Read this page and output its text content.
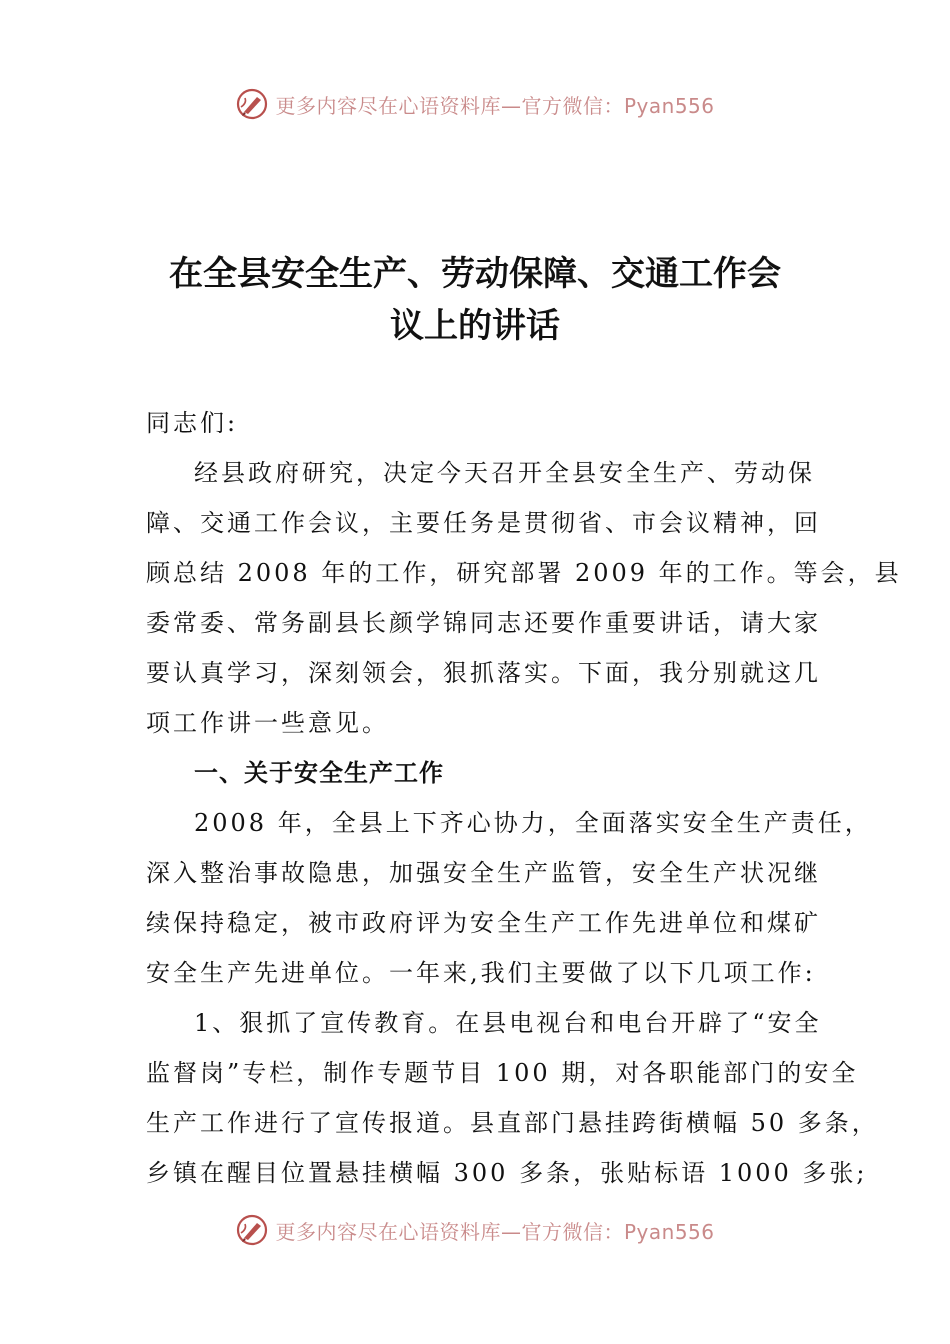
更多内容尽在心语资料库—官方微信：Pyan556
在全县安全生产、劳动保障、交通工作会
议上的讲话
同志们:
经县政府研究，决定今天召开全县安全生产、劳动保
障、交通工作会议，主要任务是贯彻省、市会议精神，回
顾总结 2008 年的工作，研究部署 2009 年的工作。等会，县
委常委、常务副县长颜学锦同志还要作重要讲话，请大家
要认真学习，深刻领会，狠抓落实。下面，我分别就这几
项工作讲一些意见。
一、关于安全生产工作
2008 年，全县上下齐心协力，全面落实安全生产责任，
深入整治事故隐患，加强安全生产监管，安全生产状况继
续保持稳定，被市政府评为安全生产工作先进单位和煤矿
安全生产先进单位。一年来,我们主要做了以下几项工作:
1、狠抓了宣传教育。在县电视台和电台开辟了“安全
监督岗”专栏，制作专题节目 100 期，对各职能部门的安全
生产工作进行了宣传报道。县直部门悬挂跨街横幅 50 多条，
乡镇在醒目位置悬挂横幅 300 多条，张贴标语 1000 多张;
更多内容尽在心语资料库—官方微信：Pyan556
